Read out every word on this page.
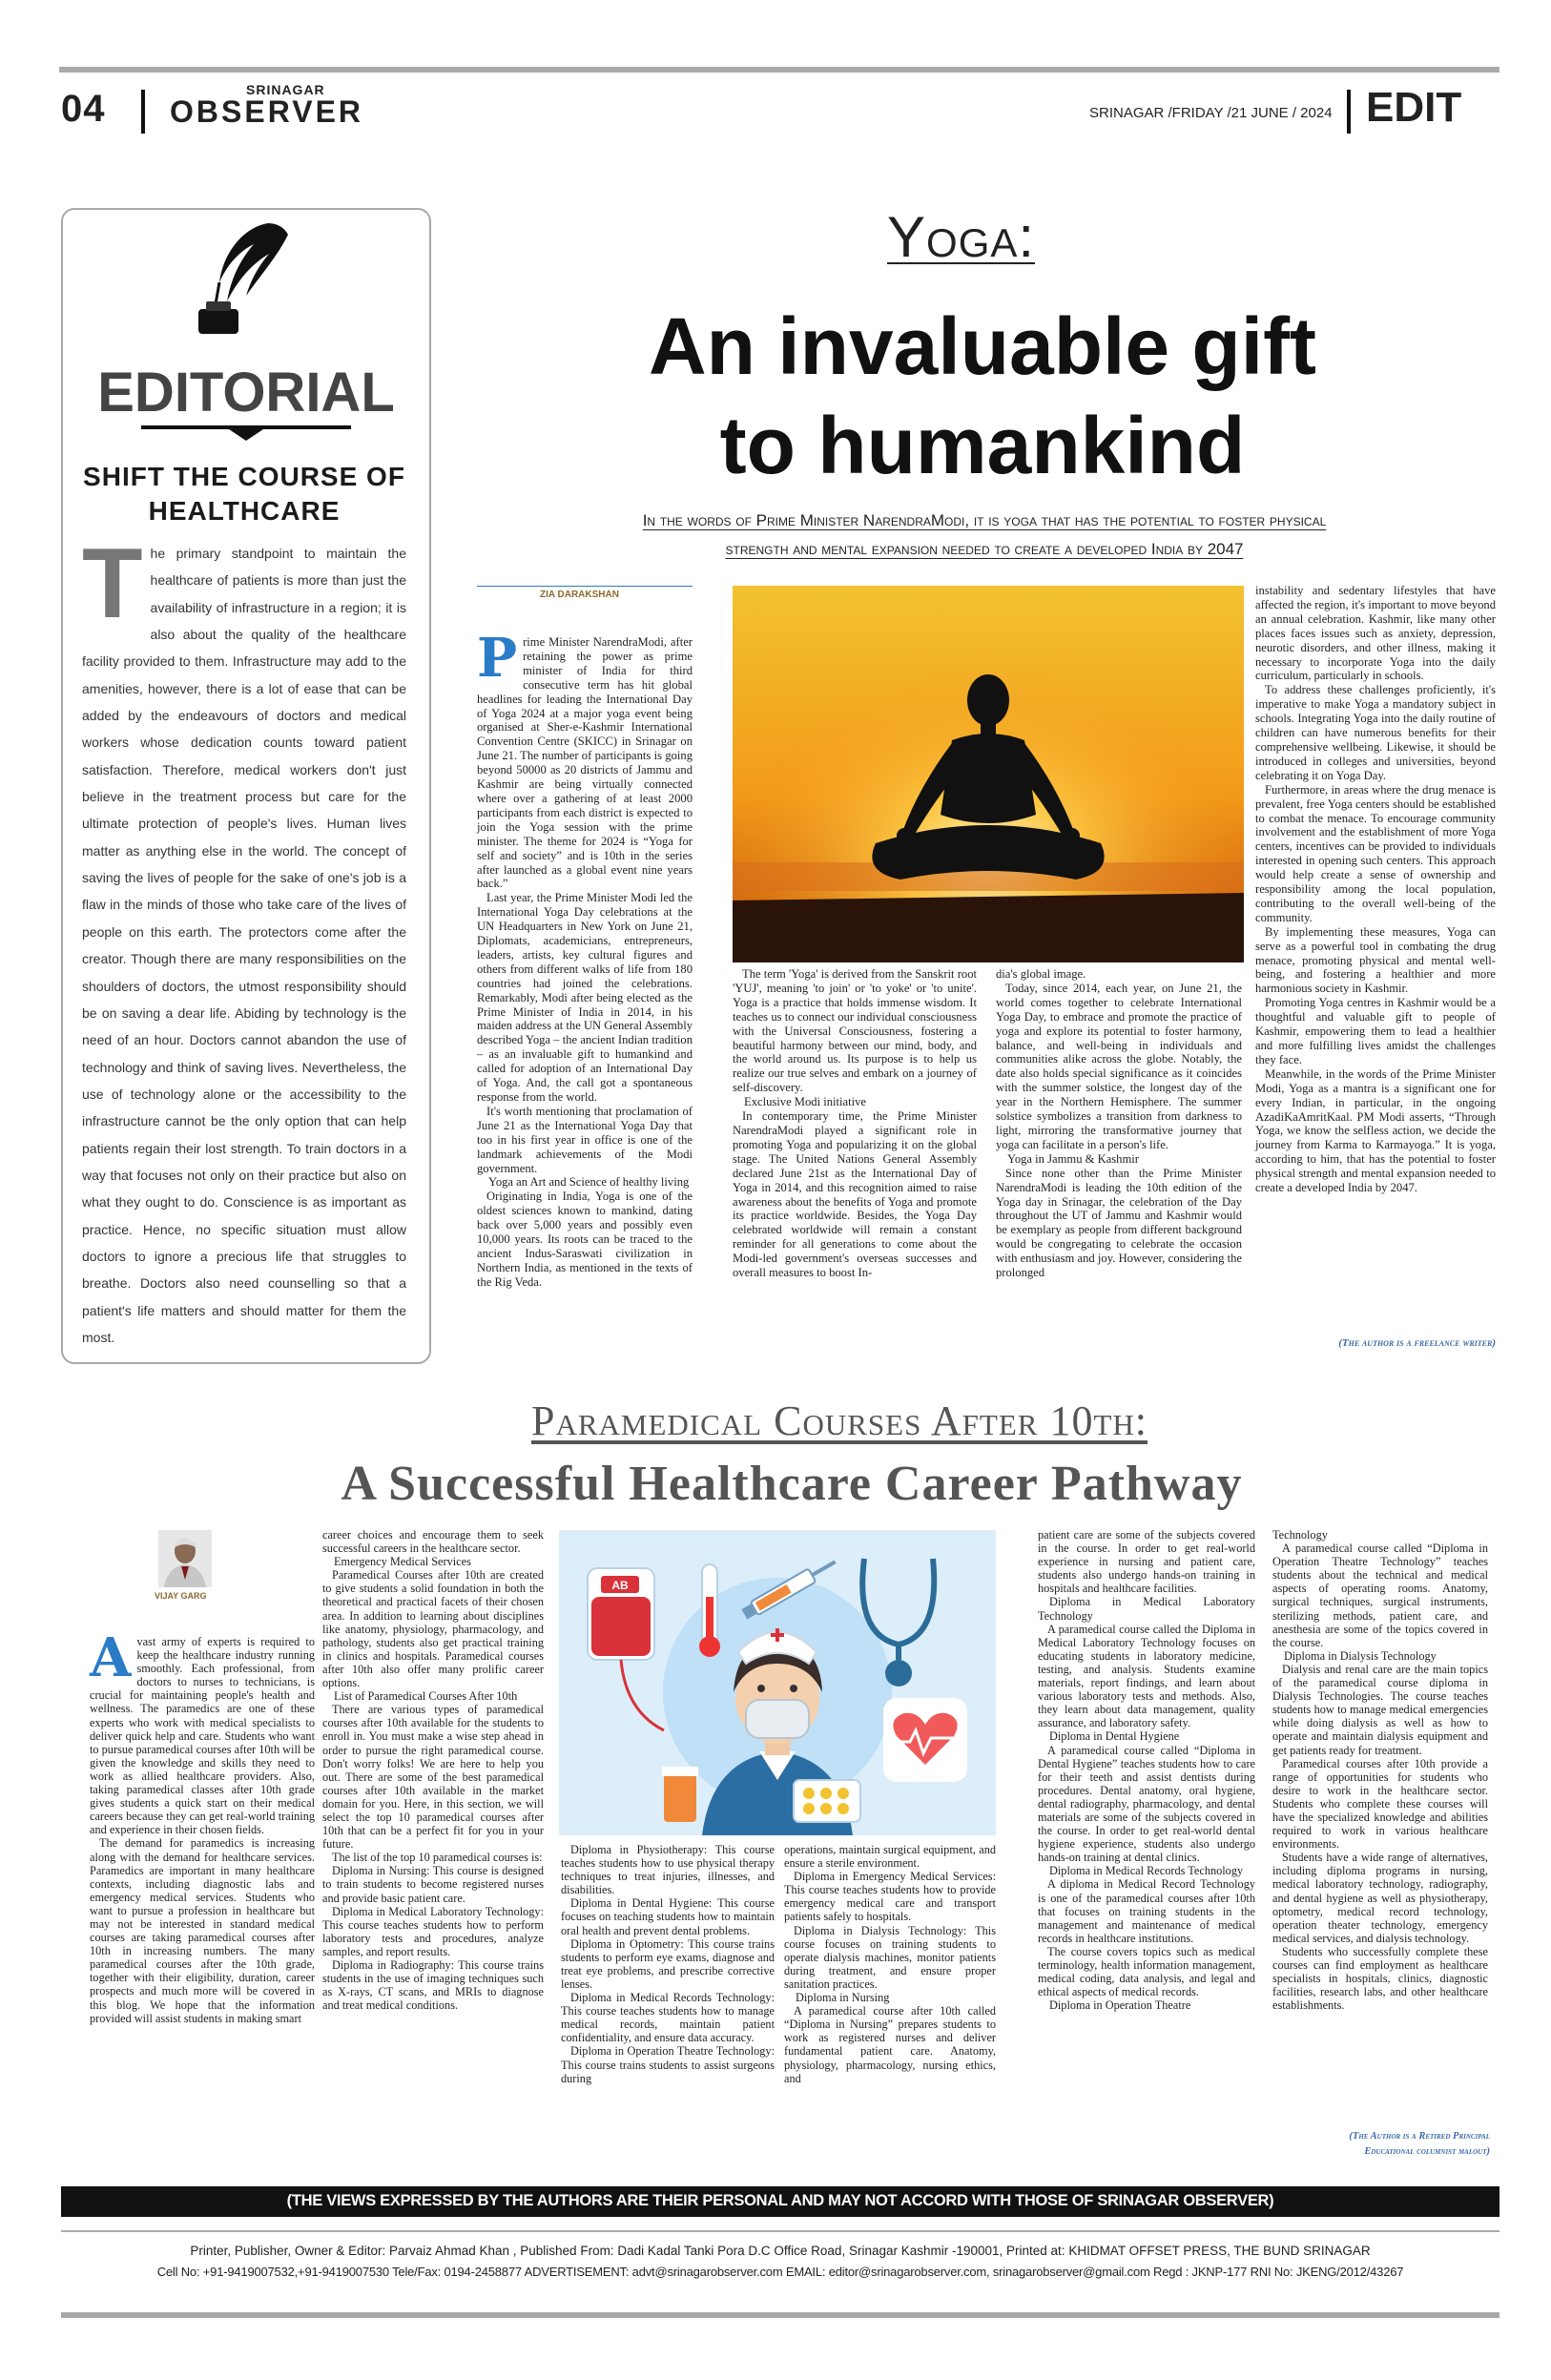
04	SRINAGAR
OBSERVER	SRINAGAR /FRIDAY /21 JUNE / 2024 EDIT
EDITORIAL
SHIFT THE COURSE OF HEALTHCARE
The primary standpoint to maintain the healthcare of patients is more than just the availability of infrastructure in a region; it is also about the quality of the healthcare facility provided to them. Infrastructure may add to the amenities, however, there is a lot of ease that can be added by the endeavours of doctors and medical workers whose dedication counts toward patient satisfaction. Therefore, medical workers don't just believe in the treatment process but care for the ultimate protection of people's lives. Human lives matter as anything else in the world. The concept of saving the lives of people for the sake of one's job is a flaw in the minds of those who take care of the lives of people on this earth. The protectors come after the creator. Though there are many responsibilities on the shoulders of doctors, the utmost responsibility should be on saving a dear life. Abiding by technology is the need of an hour. Doctors cannot abandon the use of technology and think of saving lives. Nevertheless, the use of technology alone or the accessibility to the infrastructure cannot be the only option that can help patients regain their lost strength. To train doctors in a way that focuses not only on their practice but also on what they ought to do. Conscience is as important as practice. Hence, no specific situation must allow doctors to ignore a precious life that struggles to breathe. Doctors also need counselling so that a patient's life matters and should matter for them the most.
Yoga:
An invaluable gift
to humankind
In the words of Prime Minister NarendraModi, it is yoga that has the potential to foster physical
strength and mental expansion needed to create a developed India by 2047
ZIA DARAKSHAN

Prime Minister NarendraModi, after retaining the power as prime minister of India for third consecutive term has hit global headlines for leading the International Day of Yoga 2024 at a major yoga event being organised at Sher-e-Kashmir International Convention Centre (SKICC) in Srinagar on June 21. The number of participants is going beyond 50000 as 20 districts of Jammu and Kashmir are being virtually connected where over a gathering of at least 2000 participants from each district is expected to join the Yoga session with the prime minister. The theme for 2024 is “Yoga for self and society” and is 10th in the series after launched as a global event nine years back.”

Last year, the Prime Minister Modi led the International Yoga Day celebrations at the UN Headquarters in New York on June 21, Diplomats, academicians, entrepreneurs, leaders, artists, key cultural figures and others from different walks of life from 180 countries had joined the celebrations. Remarkably, Modi after being elected as the Prime Minister of India in 2014, in his maiden address at the UN General Assembly described Yoga – the ancient Indian tradition – as an invaluable gift to humankind and called for adoption of an International Day of Yoga. And, the call got a spontaneous response from the world.

It's worth mentioning that proclamation of June 21 as the International Yoga Day that too in his first year in office is one of the landmark achievements of the Modi government.

Yoga an Art and Science of healthy living

Originating in India, Yoga is one of the oldest sciences known to mankind, dating back over 5,000 years and possibly even 10,000 years. Its roots can be traced to the ancient Indus-Saraswati civilization in Northern India, as mentioned in the texts of the Rig Veda.

The term 'Yoga' is derived from the Sanskrit root 'YUJ', meaning 'to join' or 'to yoke' or 'to unite'. Yoga is a practice that holds immense wisdom. It teaches us to connect our individual consciousness with the Universal Consciousness, fostering a beautiful harmony between our mind, body, and the world around us. Its purpose is to help us realize our true selves and embark on a journey of self-discovery.

Exclusive Modi initiative

In contemporary time, the Prime Minister NarendraModi played a significant role in promoting Yoga and popularizing it on the global stage. The United Nations General Assembly declared June 21st as the International Day of Yoga in 2014, and this recognition aimed to raise awareness about the benefits of Yoga and promote its practice worldwide. Besides, the Yoga Day celebrated worldwide will remain a constant reminder for all generations to come about the Modi-led government's overseas successes and overall measures to boost In-

dia's global image.

Today, since 2014, each year, on June 21, the world comes together to celebrate International Yoga Day, to embrace and promote the practice of yoga and explore its potential to foster harmony, balance, and well-being in individuals and communities alike across the globe. Notably, the date also holds special significance as it coincides with the summer solstice, the longest day of the year in the Northern Hemisphere. The summer solstice symbolizes a transition from darkness to light, mirroring the transformative journey that yoga can facilitate in a person's life.

Yoga in Jammu & Kashmir

Since none other than the Prime Minister NarendraModi is leading the 10th edition of the Yoga day in Srinagar, the celebration of the Day throughout the UT of Jammu and Kashmir would be exemplary as people from different background would be congregating to celebrate the occasion with enthusiasm and joy. However, considering the prolonged

instability and sedentary lifestyles that have affected the region, it's important to move beyond an annual celebration. Kashmir, like many other places faces issues such as anxiety, depression, neurotic disorders, and other illness, making it necessary to incorporate Yoga into the daily curriculum, particularly in schools.

To address these challenges proficiently, it's imperative to make Yoga a mandatory subject in schools. Integrating Yoga into the daily routine of children can have numerous benefits for their comprehensive wellbeing. Likewise, it should be introduced in colleges and universities, beyond celebrating it on Yoga Day.

Furthermore, in areas where the drug menace is prevalent, free Yoga centers should be established to combat the menace. To encourage community involvement and the establishment of more Yoga centers, incentives can be provided to individuals interested in opening such centers. This approach would help create a sense of ownership and responsibility among the local population, contributing to the overall well-being of the community.

By implementing these measures, Yoga can serve as a powerful tool in combating the drug menace, promoting physical and mental well-being, and fostering a healthier and more harmonious society in Kashmir.

Promoting Yoga centres in Kashmir would be a thoughtful and valuable gift to people of Kashmir, empowering them to lead a healthier and more fulfilling lives amidst the challenges they face.

Meanwhile, in the words of the Prime Minister Modi, Yoga as a mantra is a significant one for every Indian, in particular, in the ongoing AzadiKaAmritKaal. PM Modi asserts, “Through Yoga, we know the selfless action, we decide the journey from Karma to Karmayoga.” It is yoga, according to him, that has the potential to foster physical strength and mental expansion needed to create a developed India by 2047.

(The author is a freelance writer)
Paramedical Courses After 10th:
A Successful Healthcare Career Pathway
VIJAY GARG

Avast army of experts is required to keep the healthcare industry running smoothly. Each professional, from doctors to nurses to technicians, is crucial for maintaining people's health and wellness. The paramedics are one of these experts who work with medical specialists to deliver quick help and care. Students who want to pursue paramedical courses after 10th will be given the knowledge and skills they need to work as allied healthcare providers. Also, taking paramedical classes after 10th grade gives students a quick start on their medical careers because they can get real-world training and experience in their chosen fields.

The demand for paramedics is increasing along with the demand for healthcare services. Paramedics are important in many healthcare contexts, including diagnostic labs and emergency medical services. Students who want to pursue a profession in healthcare but may not be interested in standard medical courses are taking paramedical courses after 10th in increasing numbers. The many paramedical courses after the 10th grade, together with their eligibility, duration, career prospects and much more will be covered in this blog. We hope that the information provided will assist students in making smart

career choices and encourage them to seek successful careers in the healthcare sector.

Emergency Medical Services

Paramedical Courses after 10th are created to give students a solid foundation in both the theoretical and practical facets of their chosen area. In addition to learning about disciplines like anatomy, physiology, pharmacology, and pathology, students also get practical training in clinics and hospitals. Paramedical courses after 10th also offer many prolific career options.

List of Paramedical Courses After 10th

There are various types of paramedical courses after 10th available for the students to enroll in. You must make a wise step ahead in order to pursue the right paramedical course. Don't worry folks! We are here to help you out. There are some of the best paramedical courses after 10th available in the market domain for you. Here, in this section, we will select the top 10 paramedical courses after 10th that can be a perfect fit for you in your future.

The list of the top 10 paramedical courses is:

Diploma in Nursing: This course is designed to train students to become registered nurses and provide basic patient care.

Diploma in Medical Laboratory Technology: This course teaches students how to perform laboratory tests and procedures, analyze samples, and report results.

Diploma in Radiography: This course trains students in the use of imaging techniques such as X-rays, CT scans, and MRIs to diagnose and treat medical conditions.

AB

Diploma in Physiotherapy: This course teaches students how to use physical therapy techniques to treat injuries, illnesses, and disabilities.

Diploma in Dental Hygiene: This course focuses on teaching students how to maintain oral health and prevent dental problems.

Diploma in Optometry: This course trains students to perform eye exams, diagnose and treat eye problems, and prescribe corrective lenses.

Diploma in Medical Records Technology: This course teaches students how to manage medical records, maintain patient confidentiality, and ensure data accuracy.

Diploma in Operation Theatre Technology: This course trains students to assist surgeons during

operations, maintain surgical equipment, and ensure a sterile environment.

Diploma in Emergency Medical Services: This course teaches students how to provide emergency medical care and transport patients safely to hospitals.

Diploma in Dialysis Technology: This course focuses on training students to operate dialysis machines, monitor patients during treatment, and ensure proper sanitation practices.

Diploma in Nursing

A paramedical course after 10th called “Diploma in Nursing” prepares students to work as registered nurses and deliver fundamental patient care. Anatomy, physiology, pharmacology, nursing ethics, and

patient care are some of the subjects covered in the course. In order to get real-world experience in nursing and patient care, students also undergo hands-on training in hospitals and healthcare facilities.

Diploma in Medical Laboratory Technology

A paramedical course called the Diploma in Medical Laboratory Technology focuses on educating students in laboratory medicine, testing, and analysis. Students examine materials, report findings, and learn about various laboratory tests and methods. Also, they learn about data management, quality assurance, and laboratory safety.

Diploma in Dental Hygiene

A paramedical course called “Diploma in Dental Hygiene” teaches students how to care for their teeth and assist dentists during procedures. Dental anatomy, oral hygiene, dental radiography, pharmacology, and dental materials are some of the subjects covered in the course. In order to get real-world dental hygiene experience, students also undergo hands-on training at dental clinics.

Diploma in Medical Records Technology

A diploma in Medical Record Technology is one of the paramedical courses after 10th that focuses on training students in the management and maintenance of medical records in healthcare institutions.

The course covers topics such as medical terminology, health information management, medical coding, data analysis, and legal and ethical aspects of medical records.

Diploma in Operation Theatre

Technology

A paramedical course called “Diploma in Operation Theatre Technology” teaches students about the technical and medical aspects of operating rooms. Anatomy, surgical techniques, surgical instruments, sterilizing methods, patient care, and anesthesia are some of the topics covered in the course.

Diploma in Dialysis Technology

Dialysis and renal care are the main topics of the paramedical course diploma in Dialysis Technologies. The course teaches students how to manage medical emergencies while doing dialysis as well as how to operate and maintain dialysis equipment and get patients ready for treatment.

Paramedical courses after 10th provide a range of opportunities for students who desire to work in the healthcare sector. Students who complete these courses will have the specialized knowledge and abilities required to work in various healthcare environments.

Students have a wide range of alternatives, including diploma programs in nursing, medical laboratory technology, radiography, and dental hygiene as well as physiotherapy, optometry, medical record technology, operation theater technology, emergency medical services, and dialysis technology.

Students who successfully complete these courses can find employment as healthcare specialists in hospitals, clinics, diagnostic facilities, research labs, and other healthcare establishments.

(The Author is a Retired Principal
Educational columnist malout)
(THE VIEWS EXPRESSED BY THE AUTHORS ARE THEIR PERSONAL AND MAY NOT ACCORD WITH THOSE OF SRINAGAR OBSERVER)
Printer, Publisher, Owner & Editor: Parvaiz Ahmad Khan , Published From: Dadi Kadal Tanki Pora D.C Office Road, Srinagar Kashmir -190001, Printed at: KHIDMAT OFFSET PRESS, THE BUND SRINAGAR
Cell No: +91-9419007532,+91-9419007530 Tele/Fax: 0194-2458877 ADVERTISEMENT: advt@srinagarobserver.com EMAIL: editor@srinagarobserver.com, srinagarobserver@gmail.com Regd : JKNP-177 RNI No: JKENG/2012/43267
